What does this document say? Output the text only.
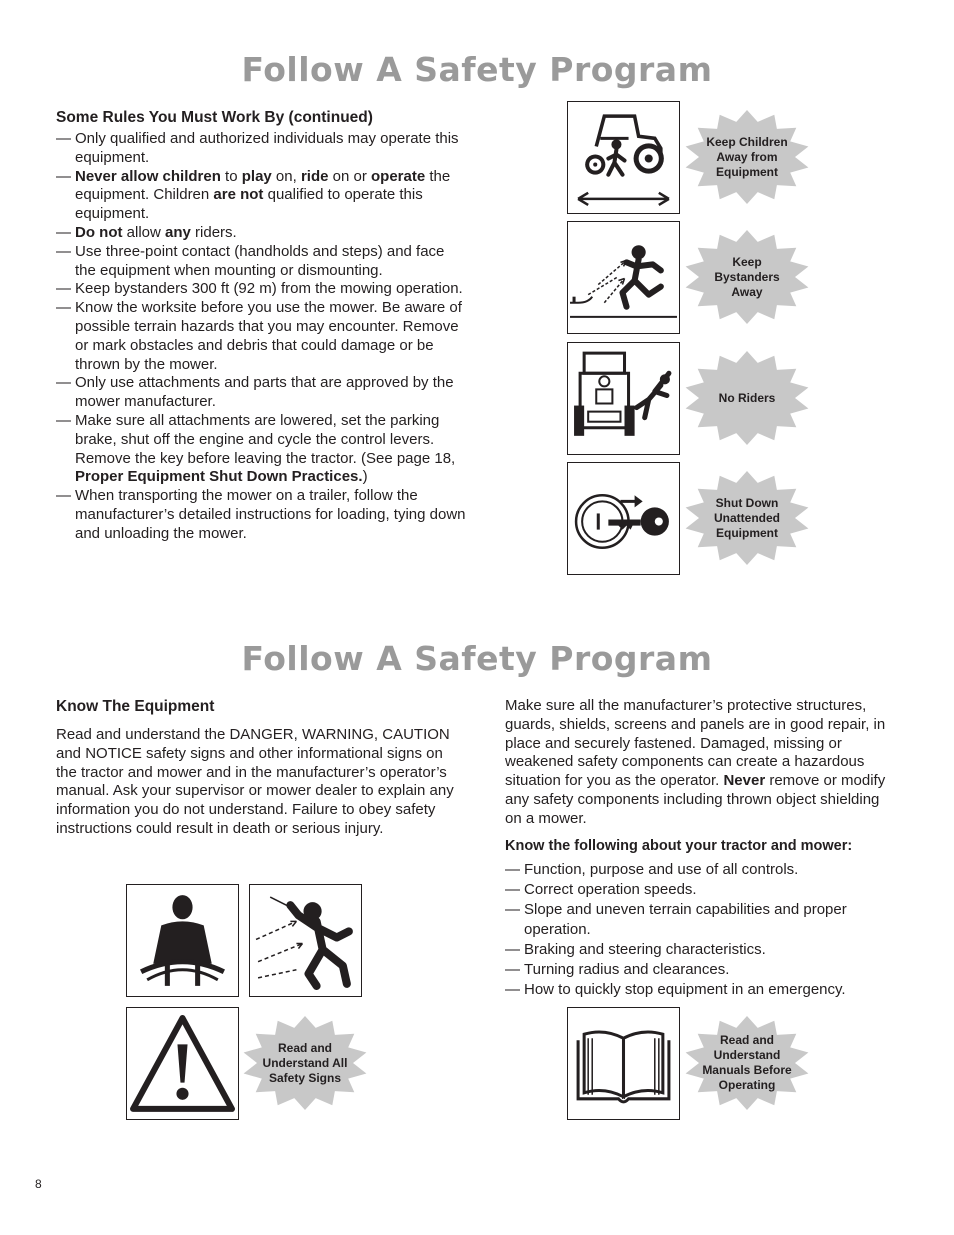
Follow A Safety Program
Some Rules You Must Work By (continued)
— Only qualified and authorized individuals may operate this equipment.
— Never allow children to play on, ride on or operate the equipment. Children are not qualified to operate this equipment.
— Do not allow any riders.
— Use three-point contact (handholds and steps) and face the equipment when mounting or dismounting.
— Keep bystanders 300 ft (92 m) from the mowing operation.
— Know the worksite before you use the mower. Be aware of possible terrain hazards that you may encounter. Remove or mark obstacles and debris that could damage or be thrown by the mower.
— Only use attachments and parts that are approved by the mower manufacturer.
— Make sure all attachments are lowered, set the parking brake, shut off the engine and cycle the control levers. Remove the key before leaving the tractor. (See page 18, Proper Equipment Shut Down Practices.)
— When transporting the mower on a trailer, follow the manufacturer’s detailed instructions for loading, tying down and unloading the mower.
Keep Children Away from Equipment
Keep Bystanders Away
No Riders
Shut Down Unattended Equipment
Follow A Safety Program
Know The Equipment

Read and understand the DANGER, WARNING, CAUTION and NOTICE safety signs and other informational signs on the tractor and mower and in the manufacturer’s operator’s manual. Ask your supervisor or mower dealer to explain any information you do not understand. Failure to obey safety instructions could result in death or serious injury.

Make sure all the manufacturer’s protective structures, guards, shields, screens and panels are in good repair, in place and securely fastened. Damaged, missing or weakened safety components can create a hazardous situation for you as the operator. Never remove or modify any safety components including thrown object shielding on a mower.

Know the following about your tractor and mower:
— Function, purpose and use of all controls.
— Correct operation speeds.
— Slope and uneven terrain capabilities and proper operation.
— Braking and steering characteristics.
— Turning radius and clearances.
— How to quickly stop equipment in an emergency.
Read and Understand All Safety Signs
Read and Understand Manuals Before Operating
8
